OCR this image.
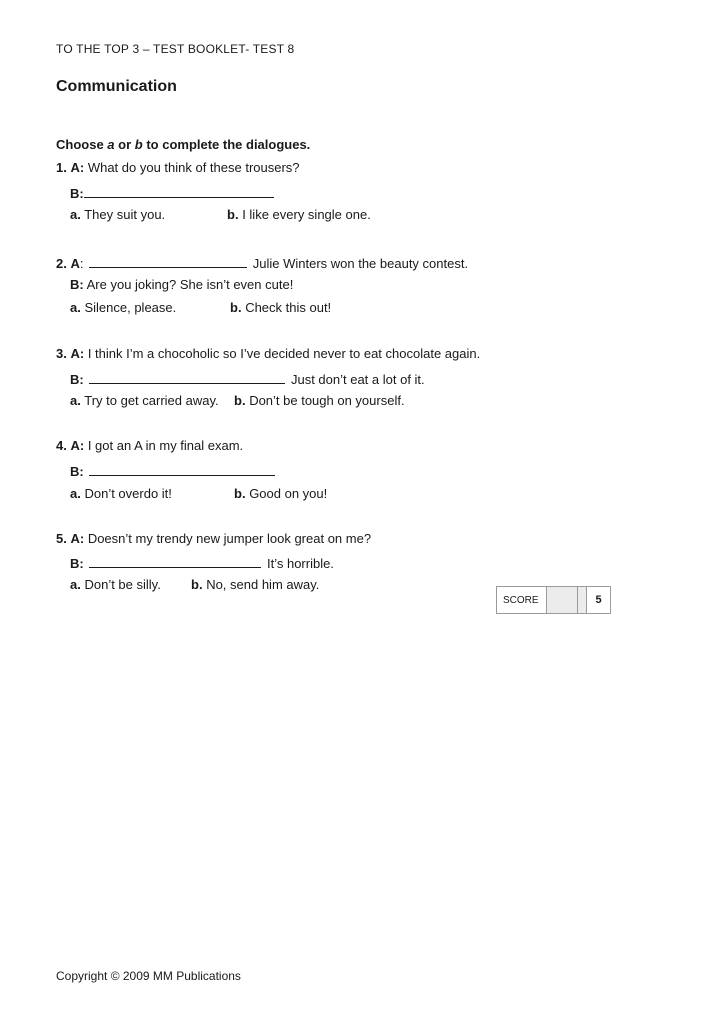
TO THE TOP 3 – TEST BOOKLET- TEST 8
Communication
Choose a or b to complete the dialogues.
1. A: What do you think of these trousers?
B:
a. They suit you.	b. I like every single one.
2. A:	Julie Winters won the beauty contest.
B: Are you joking? She isn’t even cute!
a. Silence, please.	b. Check this out!
3. A: I think I’m a chocoholic so I’ve decided never to eat chocolate again.
B:	Just don’t eat a lot of it.
a. Try to get carried away. b. Don’t be tough on yourself.
4. A: I got an A in my final exam.
B:
a. Don’t overdo it!	b. Good on you!
5. A: Doesn’t my trendy new jumper look great on me?
B:	It’s horrible.
a. Don’t be silly. b. No, send him away.
SCORE	5
Copyright © 2009 MM Publications
